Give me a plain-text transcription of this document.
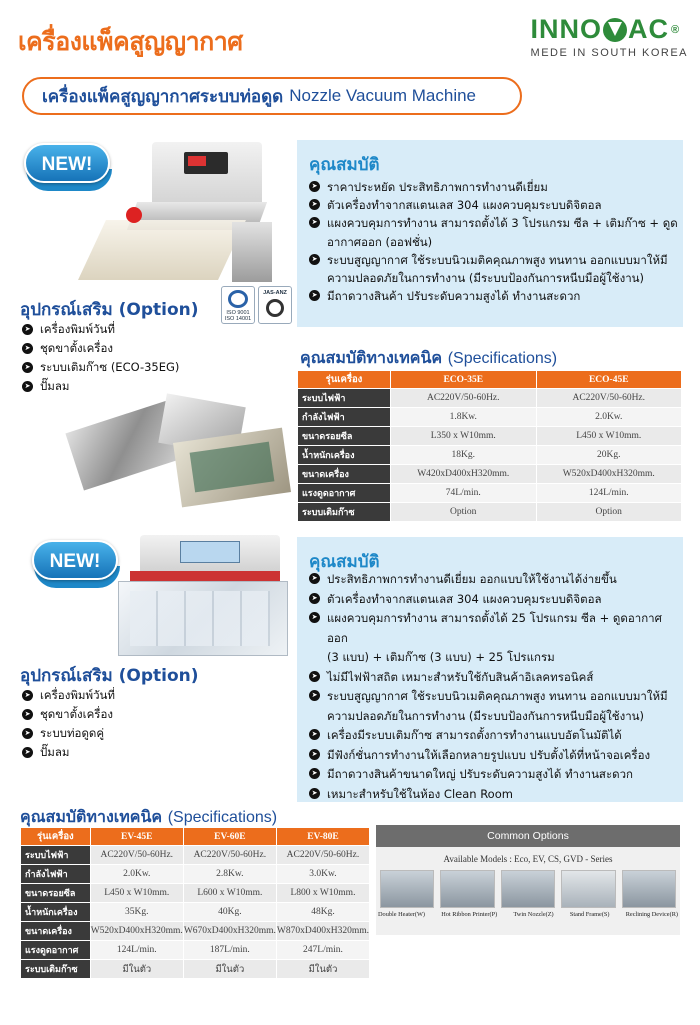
เครื่องแพ็คสูญญากาศ	INNO AC ®
MEDE IN SOUTH KOREA
เครื่องแพ็คสูญญากาศระบบท่อดูด Nozzle Vacuum Machine
NEW!
ISO 9001
ISO 14001
JAS-ANZ
คุณสมบัติ
➤ ราคาประหยัด ประสิทธิภาพการทำงานดีเยี่ยม
➤ ตัวเครื่องทำจากสแตนเลส 304 แผงควบคุมระบบดิจิตอล
➤ แผงควบคุมการทำงาน สามารถตั้งได้ 3 โปรแกรม ซีล + เติมก๊าซ + ดูด
อากาศออก (ออฟชั่น)
➤ ระบบสูญญากาศ ใช้ระบบนิวเมติคคุณภาพสูง ทนทาน ออกแบบมาให้มี
ความปลอดภัยในการทำงาน (มีระบบป้องกันการหนีบมือผู้ใช้งาน)
➤ มีถาดวางสินค้า ปรับระดับความสูงได้ ทำงานสะดวก
อุปกรณ์เสริม (Option)
➤ เครื่องพิมพ์วันที่
➤ ชุดขาตั้งเครื่อง
➤ ระบบเติมก๊าซ (ECO-35EG)
➤ ปั๊มลม
คุณสมบัติทางเทคนิค (Specifications)
รุ่นเครื่อง	ECO-35E	ECO-45E
ระบบไฟฟ้า	AC220V/50-60Hz.	AC220V/50-60Hz.
กำลังไฟฟ้า	1.8Kw.	2.0Kw.
ขนาดรอยซีล	L350 x W10mm.	L450 x W10mm.
น้ำหนักเครื่อง	18Kg.	20Kg.
ขนาดเครื่อง	W420xD400xH320mm.	W520xD400xH320mm.
แรงดูดอากาศ	74L/min.	124L/min.
ระบบเติมก๊าซ	Option	Option
NEW!	คุณสมบัติ
➤ ประสิทธิภาพการทำงานดีเยี่ยม ออกแบบให้ใช้งานได้ง่ายขึ้น
➤ ตัวเครื่องทำจากสแตนเลส 304 แผงควบคุมระบบดิจิตอล
➤ แผงควบคุมการทำงาน สามารถตั้งได้ 25 โปรแกรม ซีล + ดูดอากาศออก
(3 แบบ) + เติมก๊าซ (3 แบบ) + 25 โปรแกรม
➤ ไม่มีไฟฟ้าสถิต เหมาะสำหรับใช้กับสินค้าอิเลคทรอนิคส์
➤ ระบบสูญญากาศ ใช้ระบบนิวเมติคคุณภาพสูง ทนทาน ออกแบบมาให้มี
ความปลอดภัยในการทำงาน (มีระบบป้องกันการหนีบมือผู้ใช้งาน)
➤ เครื่องมีระบบเติมก๊าซ สามารถตั้งการทำงานแบบอัตโนมัติได้
➤ มีฟังก์ชั่นการทำงานให้เลือกหลายรูปแบบ ปรับตั้งได้ที่หน้าจอเครื่อง
➤ มีถาดวางสินค้าขนาดใหญ่ ปรับระดับความสูงได้ ทำงานสะดวก
➤ เหมาะสำหรับใช้ในห้อง Clean Room
อุปกรณ์เสริม (Option)
➤ เครื่องพิมพ์วันที่
➤ ชุดขาตั้งเครื่อง
➤ ระบบท่อดูดคู่
➤ ปั๊มลม
คุณสมบัติทางเทคนิค (Specifications)
รุ่นเครื่อง	EV-45E	EV-60E	EV-80E
ระบบไฟฟ้า	AC220V/50-60Hz.	AC220V/50-60Hz.	AC220V/50-60Hz.
กำลังไฟฟ้า	2.0Kw.	2.8Kw.	3.0Kw.
ขนาดรอยซีล	L450 x W10mm.	L600 x W10mm.	L800 x W10mm.
น้ำหนักเครื่อง	35Kg.	40Kg.	48Kg.
ขนาดเครื่อง	W520xD400xH320mm.	W670xD400xH320mm.	W870xD400xH320mm.
แรงดูดอากาศ	124L/min.	187L/min.	247L/min.
ระบบเติมก๊าซ	มีในตัว	มีในตัว	มีในตัว
Common Options
Available Models : Eco, EV, CS, GVD - Series
Double Heater(W)	Hot Ribbon Printer(P)	Twin Nozzle(Z)	Stand Frame(S)	Reclining Device(R)
